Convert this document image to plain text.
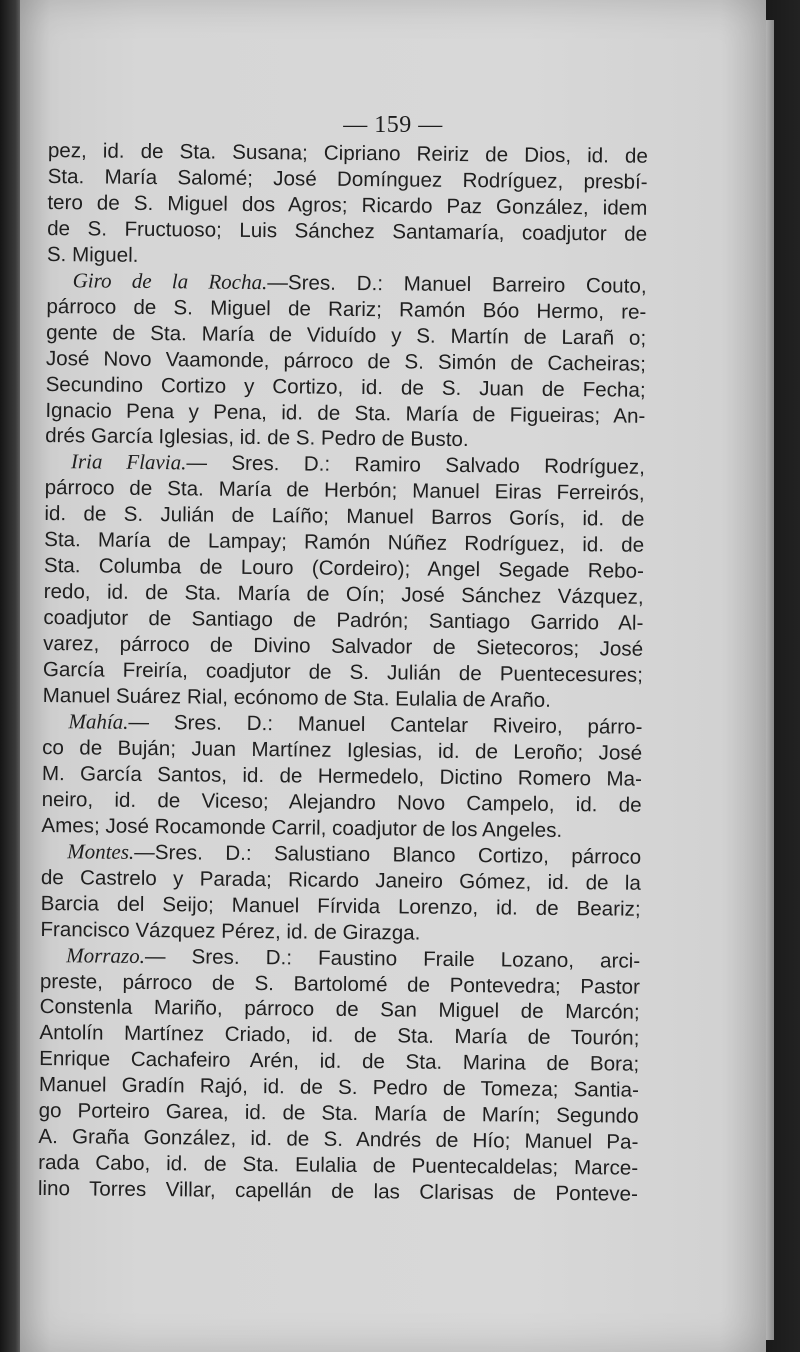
— 159 —
pez, id. de Sta. Susana; Cipriano Reiriz de Dios, id. de
Sta. María Salomé; José Domínguez Rodríguez, presbí-
tero de S. Miguel dos Agros; Ricardo Paz González, idem
de S. Fructuoso; Luis Sánchez Santamaría, coadjutor de
S. Miguel.
Giro de la Rocha.—Sres. D.: Manuel Barreiro Couto,
párroco de S. Miguel de Rariz; Ramón Bóo Hermo, re-
gente de Sta. María de Viduído y S. Martín de Larañ o;
José Novo Vaamonde, párroco de S. Simón de Cacheiras;
Secundino Cortizo y Cortizo, id. de S. Juan de Fecha;
Ignacio Pena y Pena, id. de Sta. María de Figueiras; An-
drés García Iglesias, id. de S. Pedro de Busto.
Iria Flavia.— Sres. D.: Ramiro Salvado Rodríguez,
párroco de Sta. María de Herbón; Manuel Eiras Ferreirós,
id. de S. Julián de Laíño; Manuel Barros Gorís, id. de
Sta. María de Lampay; Ramón Núñez Rodríguez, id. de
Sta. Columba de Louro (Cordeiro); Angel Segade Rebo-
redo, id. de Sta. María de Oín; José Sánchez Vázquez,
coadjutor de Santiago de Padrón; Santiago Garrido Al-
varez, párroco de Divino Salvador de Sietecoros; José
García Freiría, coadjutor de S. Julián de Puentecesures;
Manuel Suárez Rial, ecónomo de Sta. Eulalia de Araño.
Mahía.— Sres. D.: Manuel Cantelar Riveiro, párro-
co de Buján; Juan Martínez Iglesias, id. de Leroño; José
M. García Santos, id. de Hermedelo, Dictino Romero Ma-
neiro, id. de Viceso; Alejandro Novo Campelo, id. de
Ames; José Rocamonde Carril, coadjutor de los Angeles.
Montes.—Sres. D.: Salustiano Blanco Cortizo, párroco
de Castrelo y Parada; Ricardo Janeiro Gómez, id. de la
Barcia del Seijo; Manuel Fírvida Lorenzo, id. de Beariz;
Francisco Vázquez Pérez, id. de Girazga.
Morrazo.— Sres. D.: Faustino Fraile Lozano, arci-
preste, párroco de S. Bartolomé de Pontevedra; Pastor
Constenla Mariño, párroco de San Miguel de Marcón;
Antolín Martínez Criado, id. de Sta. María de Tourón;
Enrique Cachafeiro Arén, id. de Sta. Marina de Bora;
Manuel Gradín Rajó, id. de S. Pedro de Tomeza; Santia-
go Porteiro Garea, id. de Sta. María de Marín; Segundo
A. Graña González, id. de S. Andrés de Hío; Manuel Pa-
rada Cabo, id. de Sta. Eulalia de Puentecaldelas; Marce-
lino Torres Villar, capellán de las Clarisas de Ponteve-
